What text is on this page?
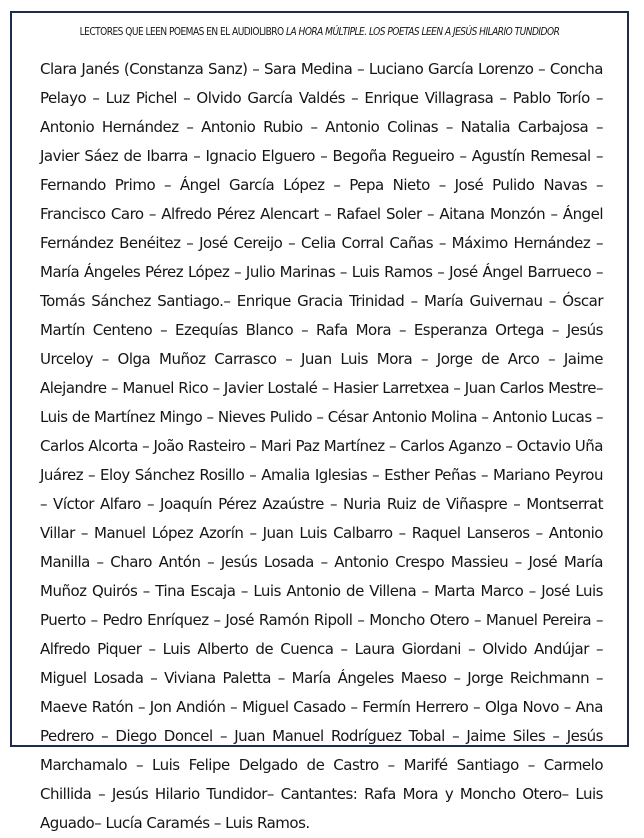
LECTORES QUE LEEN POEMAS EN EL AUDIOLIBRO LA HORA MÚLTIPLE. LOS POETAS LEEN A JESÚS HILARIO TUNDIDOR
Clara Janés (Constanza Sanz) – Sara Medina – Luciano García Lorenzo – Concha Pelayo – Luz Pichel – Olvido García Valdés – Enrique Villagrasa – Pablo Torío – Antonio Hernández – Antonio Rubio – Antonio Colinas – Natalia Carbajosa – Javier Sáez de Ibarra – Ignacio Elguero – Begoña Regueiro – Agustín Remesal – Fernando Primo – Ángel García López – Pepa Nieto – José Pulido Navas – Francisco Caro – Alfredo Pérez Alencart – Rafael Soler – Aitana Monzón – Ángel Fernández Benéitez – José Cereijo – Celia Corral Cañas – Máximo Hernández – María Ángeles Pérez López – Julio Marinas – Luis Ramos – José Ángel Barrueco – Tomás Sánchez Santiago.– Enrique Gracia Trinidad – María Guivernau – Óscar Martín Centeno – Ezequías Blanco – Rafa Mora – Esperanza Ortega – Jesús Urceloy – Olga Muñoz Carrasco – Juan Luis Mora – Jorge de Arco – Jaime Alejandre – Manuel Rico – Javier Lostalé – Hasier Larretxea – Juan Carlos Mestre– Luis de Martínez Mingo – Nieves Pulido – César Antonio Molina – Antonio Lucas – Carlos Alcorta – João Rasteiro – Mari Paz Martínez – Carlos Aganzo – Octavio Uña Juárez – Eloy Sánchez Rosillo – Amalia Iglesias – Esther Peñas – Mariano Peyrou – Víctor Alfaro – Joaquín Pérez Azaústre – Nuria Ruiz de Viñaspre – Montserrat Villar – Manuel López Azorín – Juan Luis Calbarro – Raquel Lanseros – Antonio Manilla – Charo Antón – Jesús Losada – Antonio Crespo Massieu – José María Muñoz Quirós – Tina Escaja – Luis Antonio de Villena – Marta Marco – José Luis Puerto – Pedro Enríquez – José Ramón Ripoll – Moncho Otero – Manuel Pereira –Alfredo Piquer – Luis Alberto de Cuenca – Laura Giordani – Olvido Andújar – Miguel Losada – Viviana Paletta – María Ángeles Maeso – Jorge Reichmann – Maeve Ratón – Jon Andión – Miguel Casado – Fermín Herrero – Olga Novo – Ana Pedrero – Diego Doncel – Juan Manuel Rodríguez Tobal – Jaime Siles – Jesús Marchamalo – Luis Felipe Delgado de Castro – Marifé Santiago – Carmelo Chillida – Jesús Hilario Tundidor– Cantantes: Rafa Mora y Moncho Otero– Luis Aguado– Lucía Caramés – Luis Ramos.
